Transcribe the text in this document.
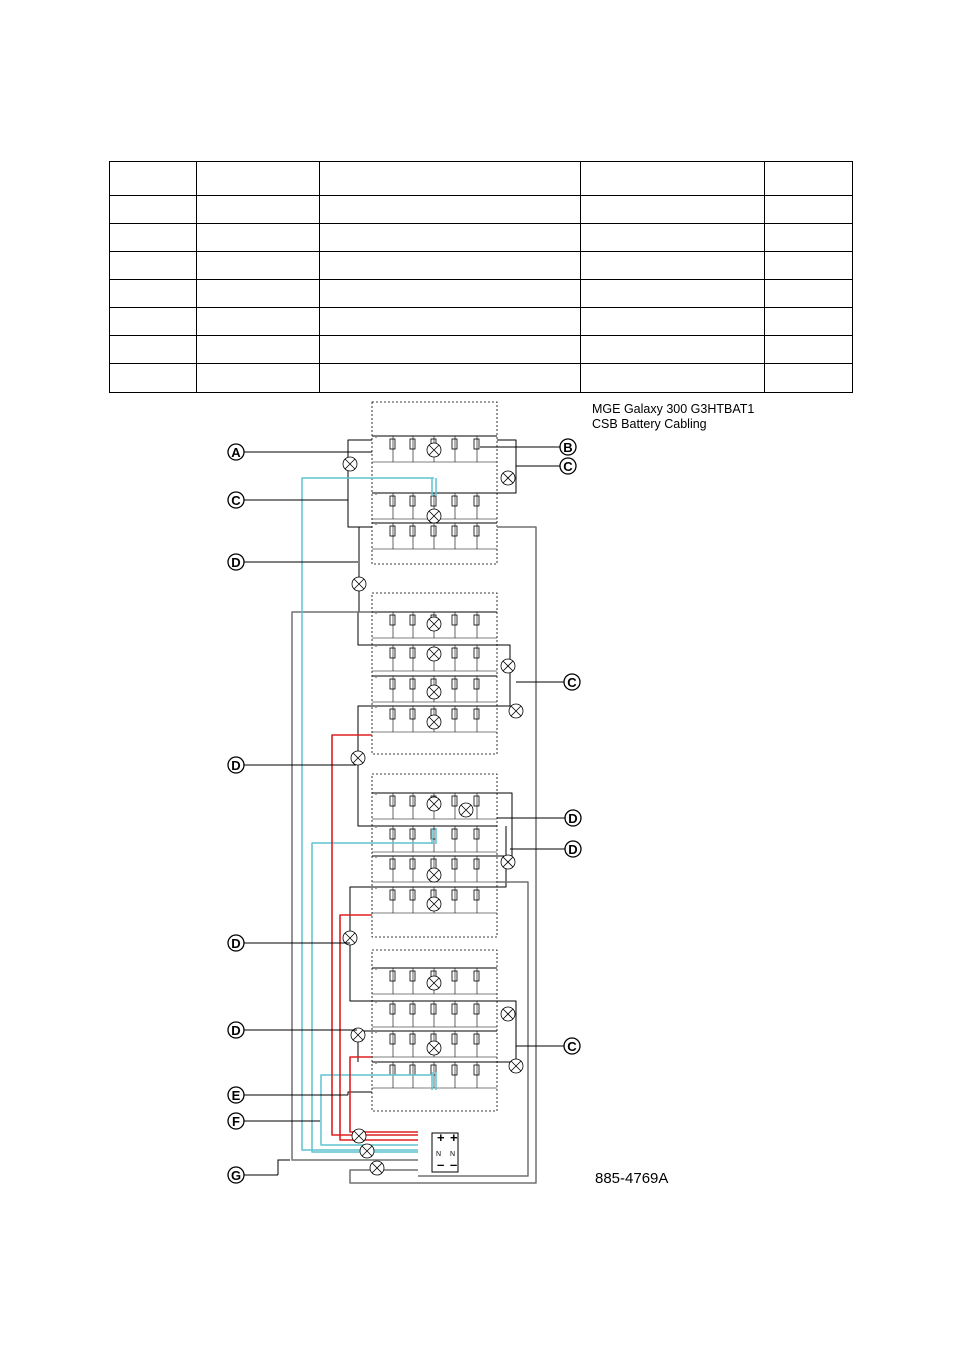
MGE Galaxy 300 G3HTBAT1
CSB Battery Cabling
885-4769A
-
-
-
-
-
-
-
-
-
-
-
-
-
-
-
+ +
N N
– –
A	B
C
C
D
C
D
D
D
D
D
C
E
F
G
